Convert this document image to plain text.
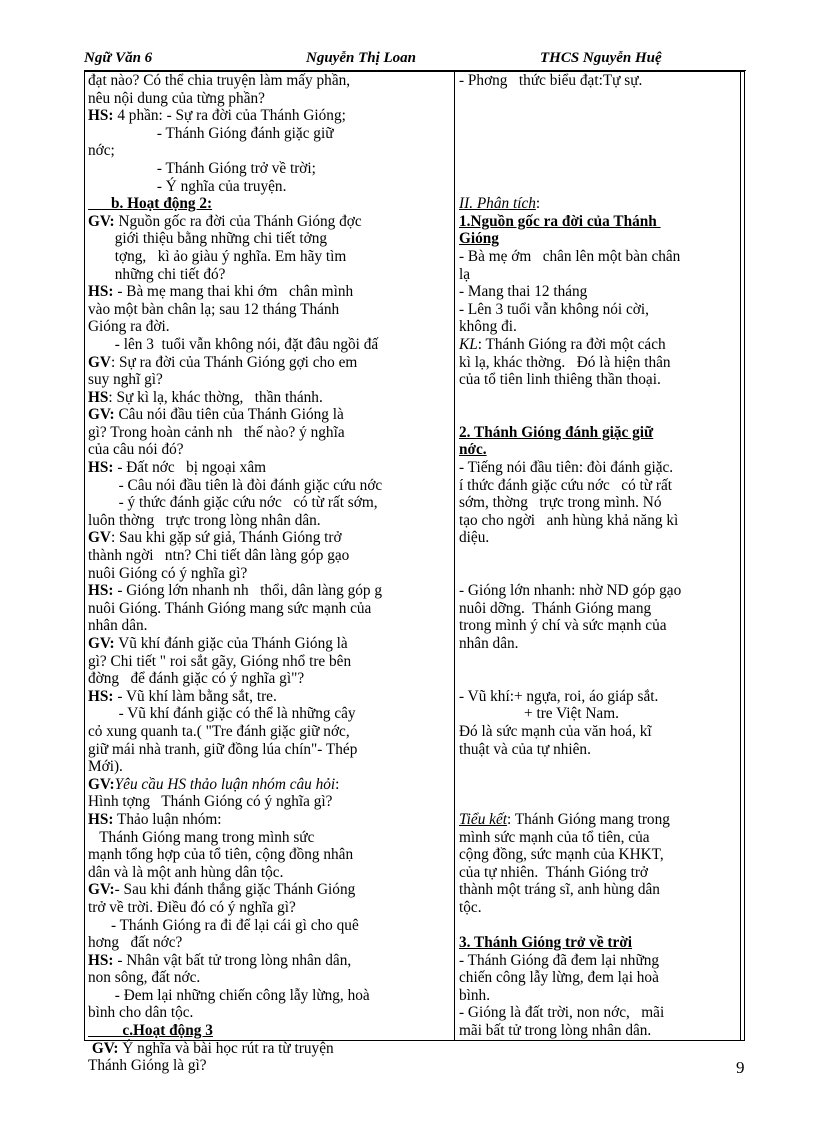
Ngữ Văn 6	Nguyễn Thị Loan	THCS Nguyễn Huệ
đạt nào? Có thể chia truyện làm mấy phần,
nêu nội dung của từng phần?
HS: 4 phần: - Sự ra đời của Thánh Gióng;
- Thánh Gióng đánh giặc giữ
nớc;
- Thánh Gióng trở về trời;
- Ý nghĩa của truyện.
b. Hoạt động 2:
GV: Nguồn gốc ra đời của Thánh Gióng đợc
giới thiệu bằng những chi tiết tởng
tợng,   kì ảo giàu ý nghĩa. Em hãy tìm
những chi tiết đó?
HS: - Bà mẹ mang thai khi ớm   chân mình
vào một bàn chân lạ; sau 12 tháng Thánh
Gióng ra đời.
- lên 3  tuổi vẫn không nói, đặt đâu ngồi đấ
GV: Sự ra đời của Thánh Gióng gợi cho em
suy nghĩ gì?
HS: Sự kì lạ, khác thờng,   thần thánh.
GV: Câu nói đầu tiên của Thánh Gióng là
gì? Trong hoàn cảnh nh   thế nào? ý nghĩa
của câu nói đó?
HS: - Đất nớc   bị ngoại xâm
- Câu nói đầu tiên là đòi đánh giặc cứu nớc
- ý thức đánh giặc cứu nớc   có từ rất sớm,
luôn thờng   trực trong lòng nhân dân.
GV: Sau khi gặp sứ giả, Thánh Gióng trở
thành ngời   ntn? Chi tiết dân làng góp gạo
nuôi Gióng có ý nghĩa gì?
HS: - Gióng lớn nhanh nh   thổi, dân làng góp g
nuôi Gióng. Thánh Gióng mang sức mạnh của
nhân dân.
GV: Vũ khí đánh giặc của Thánh Gióng là
gì? Chi tiết " roi sắt gãy, Gióng nhổ tre bên
đờng   để đánh giặc có ý nghĩa gì"?
HS: - Vũ khí làm bằng sắt, tre.
- Vũ khí đánh giặc có thể là những cây
cỏ xung quanh ta.( "Tre đánh giặc giữ nớc,
giữ mái nhà tranh, giữ đồng lúa chín"- Thép
Mới).
GV:Yêu cầu HS thảo luận nhóm câu hỏi:
Hình tợng   Thánh Gióng có ý nghĩa gì?
HS: Thảo luận nhóm:
Thánh Gióng mang trong mình sức
mạnh tổng hợp của tổ tiên, cộng đồng nhân
dân và là một anh hùng dân tộc.
GV:- Sau khi đánh thắng giặc Thánh Gióng
trở về trời. Điều đó có ý nghĩa gì?
- Thánh Gióng ra đi để lại cái gì cho quê
hơng   đất nớc?
HS: - Nhân vật bất tử trong lòng nhân dân,
non sông, đất nớc.
- Đem lại những chiến công lẫy lừng, hoà
bình cho dân tộc.
c.Hoạt động 3
GV: Ý nghĩa và bài học rút ra từ truyện
Thánh Gióng là gì?
- Phơng   thức biểu đạt:Tự sự.
II. Phân tích:
1.Nguồn gốc ra đời của Thánh
Gióng
- Bà mẹ ớm   chân lên một bàn chân
lạ
- Mang thai 12 tháng
- Lên 3 tuổi vẫn không nói cời,
không đi.
KL: Thánh Gióng ra đời một cách
kì lạ, khác thờng.   Đó là hiện thân
của tổ tiên linh thiêng thần thoại.
2. Thánh Gióng đánh giặc giữ
nớc.
- Tiếng nói đầu tiên: đòi đánh giặc.
í thức đánh giặc cứu nớc   có từ rất
sớm, thờng   trực trong mình. Nó
tạo cho ngời   anh hùng khả năng kì
diệu.
- Gióng lớn nhanh: nhờ ND góp gạo
nuôi dỡng.  Thánh Gióng mang
trong mình ý chí và sức mạnh của
nhân dân.
- Vũ khí:+ ngựa, roi, áo giáp sắt.
+ tre Việt Nam.
Đó là sức mạnh của văn hoá, kĩ
thuật và của tự nhiên.
Tiểu kết: Thánh Gióng mang trong
mình sức mạnh của tổ tiên, của
cộng đồng, sức mạnh của KHKT,
của tự nhiên.  Thánh Gióng trở
thành một tráng sĩ, anh hùng dân
tộc.
3. Thánh Gióng trở về trời
- Thánh Gióng đã đem lại những
chiến công lẫy lừng, đem lại hoà
bình.
- Gióng là đất trời, non nớc,   mãi
mãi bất tử trong lòng nhân dân.
9
